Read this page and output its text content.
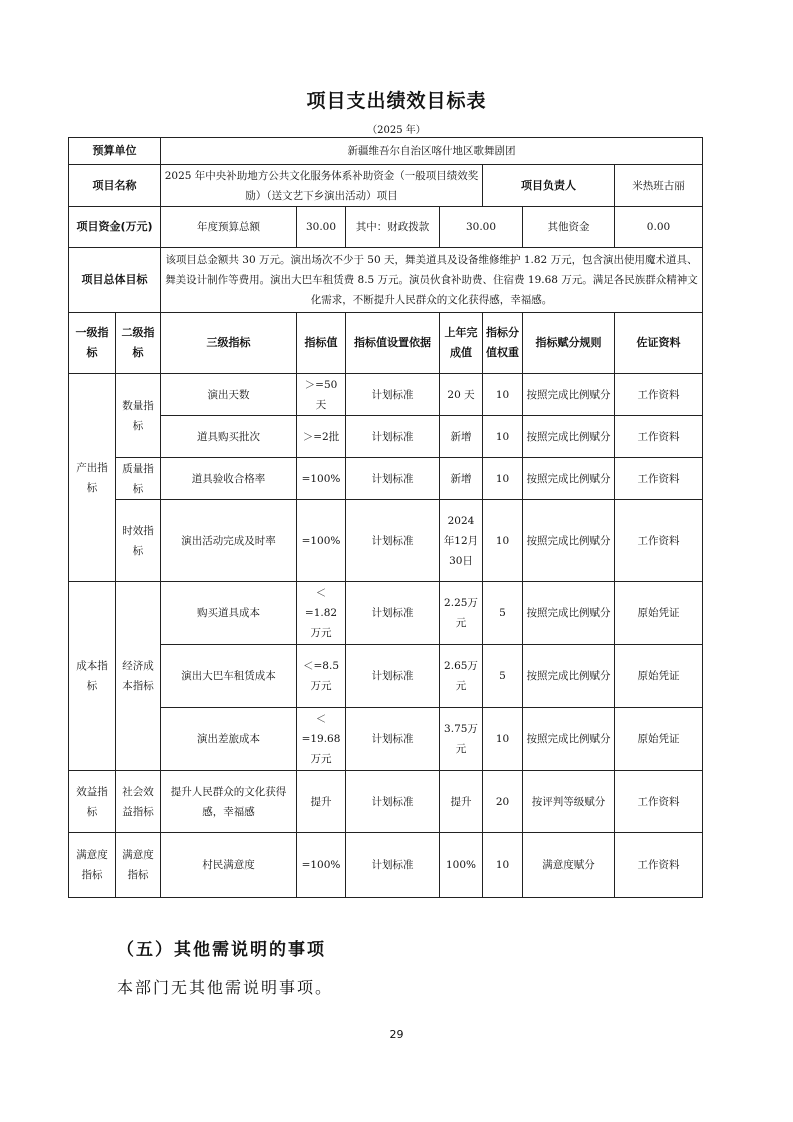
项目支出绩效目标表
（2025 年）
预算单位		新疆维吾尔自治区喀什地区歌舞剧团						
项目名称		2025 年中央补助地方公共文化服务体系补助资金（一般项目绩效奖励）（送文艺下乡演出活动）项目				项目负责人		米热班古丽
项目资金(万元)		年度预算总额	30.00	其中：财政拨款	30.00		其他资金	0.00
项目总体目标		该项目总金额共 30 万元。演出场次不少于 50 天，舞美道具及设备维修维护 1.82 万元，包含演出使用魔术道具、舞美设计制作等费用。演出大巴车租赁费 8.5 万元。演员伙食补助费、住宿费 19.68 万元。满足各民族群众精神文化需求，不断提升人民群众的文化获得感，幸福感。						
一级指标	二级指标	三级指标	指标值	指标值设置依据	上年完成值	指标分值权重	指标赋分规则	佐证资料
产出指标	数量指标	演出天数	＞=50天	计划标准	20 天	10	按照完成比例赋分	工作资料
		道具购买批次	＞=2批	计划标准	新增	10	按照完成比例赋分	工作资料
	质量指标	道具验收合格率	=100%	计划标准	新增	10	按照完成比例赋分	工作资料
	时效指标	演出活动完成及时率	=100%	计划标准	2024年12月30日	10	按照完成比例赋分	工作资料
成本指标	经济成本指标	购买道具成本	＜=1.82万元	计划标准	2.25万元	5	按照完成比例赋分	原始凭证
		演出大巴车租赁成本	＜=8.5万元	计划标准	2.65万元	5	按照完成比例赋分	原始凭证
		演出差旅成本	＜=19.68万元	计划标准	3.75万元	10	按照完成比例赋分	原始凭证
效益指标	社会效益指标	提升人民群众的文化获得感，幸福感	提升	计划标准	提升	20	按评判等级赋分	工作资料
满意度指标	满意度指标	村民满意度	=100%	计划标准	100%	10	满意度赋分	工作资料
（五）其他需说明的事项
本部门无其他需说明事项。
29
